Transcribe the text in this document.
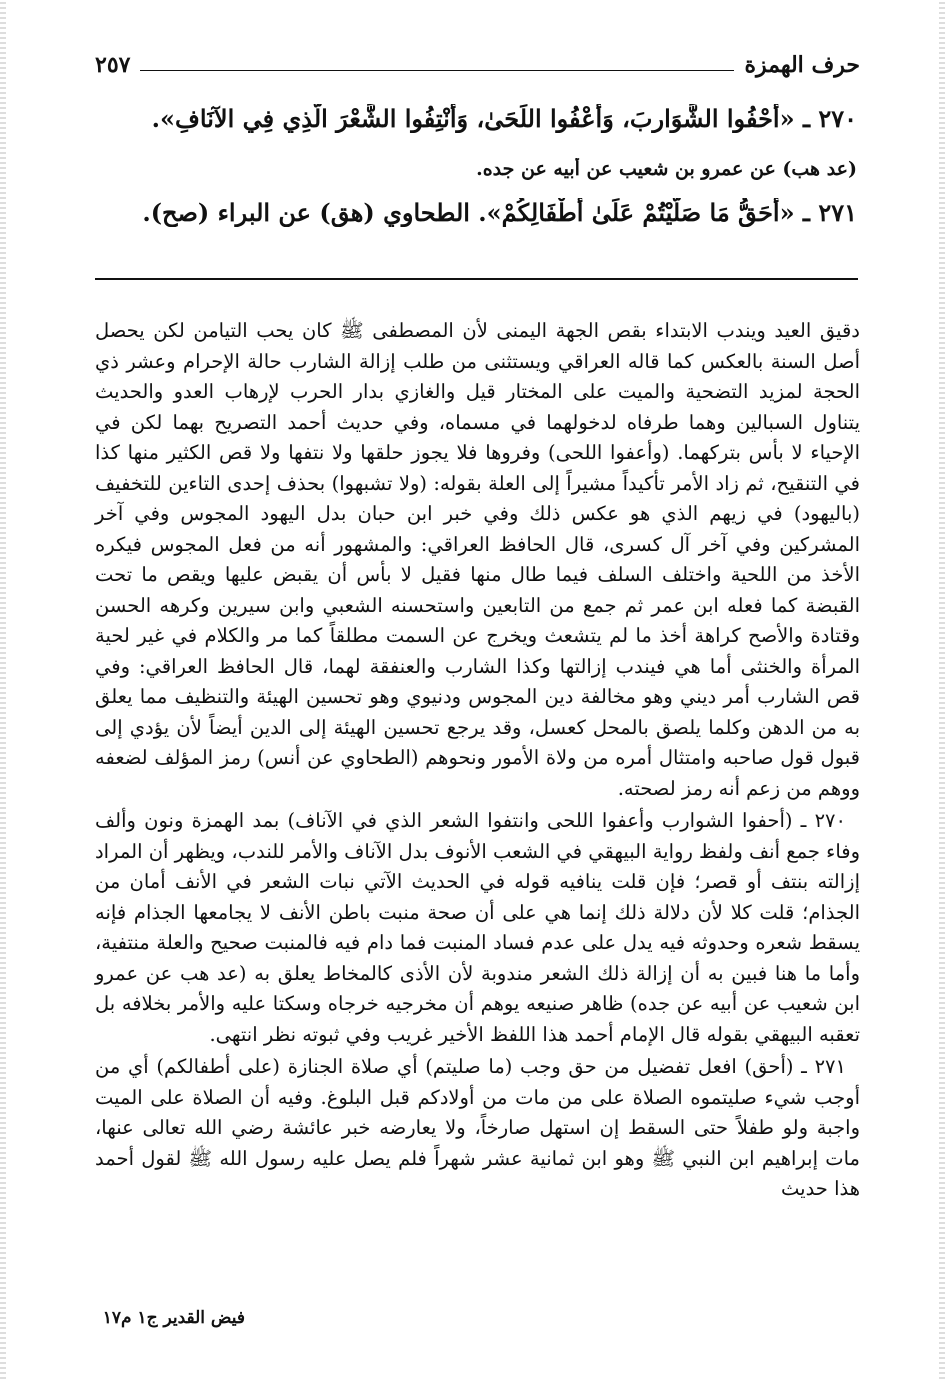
حرف الهمزة
٢٥٧
٢٧٠ ـ «أَحْفُوا الشَّوَارِبَ، وَأَعْفُوا اللِّحَىٰ، وَأَنْتِفُوا الشَّعْرَ الَّذِي فِي الآنَافِ».
(عد هب) عن عمرو بن شعيب عن أبيه عن جده.
٢٧١ ـ «أَحَقُّ مَا صَلَّيْتُمْ عَلَىٰ أَطْفَالِكُمْ». الطحاوي (هق) عن البراء (صح).

دقيق العيد ويندب الابتداء بقص الجهة اليمنى لأن المصطفى ﷺ كان يحب التيامن لكن يحصل أصل السنة بالعكس كما قاله العراقي ويستثنى من طلب إزالة الشارب حالة الإحرام وعشر ذي الحجة لمزيد التضحية والميت على المختار قيل والغازي بدار الحرب لإرهاب العدو والحديث يتناول السبالين وهما طرفاه لدخولهما في مسماه، وفي حديث أحمد التصريح بهما لكن في الإحياء لا بأس بتركهما. (وأعفوا اللحى) وفروها فلا يجوز حلقها ولا نتفها ولا قص الكثير منها كذا في التنقيح، ثم زاد الأمر تأكيداً مشيراً إلى العلة بقوله: (ولا تشبهوا) بحذف إحدى التاءين للتخفيف (باليهود) في زيهم الذي هو عكس ذلك وفي خبر ابن حبان بدل اليهود المجوس وفي آخر المشركين وفي آخر آل كسرى، قال الحافظ العراقي: والمشهور أنه من فعل المجوس فيكره الأخذ من اللحية واختلف السلف فيما طال منها فقيل لا بأس أن يقبض عليها ويقص ما تحت القبضة كما فعله ابن عمر ثم جمع من التابعين واستحسنه الشعبي وابن سيرين وكرهه الحسن وقتادة والأصح كراهة أخذ ما لم يتشعث ويخرج عن السمت مطلقاً كما مر والكلام في غير لحية المرأة والخنثى أما هي فيندب إزالتها وكذا الشارب والعنفقة لهما، قال الحافظ العراقي: وفي قص الشارب أمر ديني وهو مخالفة دين المجوس ودنيوي وهو تحسين الهيئة والتنظيف مما يعلق به من الدهن وكلما يلصق بالمحل كعسل، وقد يرجع تحسين الهيئة إلى الدين أيضاً لأن يؤدي إلى قبول قول صاحبه وامتثال أمره من ولاة الأمور ونحوهم (الطحاوي عن أنس) رمز المؤلف لضعفه ووهم من زعم أنه رمز لصحته.

٢٧٠ ـ (أحفوا الشوارب وأعفوا اللحى وانتفوا الشعر الذي في الآناف) بمد الهمزة ونون وألف وفاء جمع أنف ولفظ رواية البيهقي في الشعب الأنوف بدل الآناف والأمر للندب، ويظهر أن المراد إزالته بنتف أو قصر؛ فإن قلت ينافيه قوله في الحديث الآتي نبات الشعر في الأنف أمان من الجذام؛ قلت كلا لأن دلالة ذلك إنما هي على أن صحة منبت باطن الأنف لا يجامعها الجذام فإنه يسقط شعره وحدوثه فيه يدل على عدم فساد المنبت فما دام فيه فالمنبت صحيح والعلة منتفية، وأما ما هنا فبين به أن إزالة ذلك الشعر مندوبة لأن الأذى كالمخاط يعلق به (عد هب عن عمرو ابن شعيب عن أبيه عن جده) ظاهر صنيعه يوهم أن مخرجيه خرجاه وسكتا عليه والأمر بخلافه بل تعقبه البيهقي بقوله قال الإمام أحمد هذا اللفظ الأخير غريب وفي ثبوته نظر انتهى.

٢٧١ ـ (أحق) افعل تفضيل من حق وجب (ما صليتم) أي صلاة الجنازة (على أطفالكم) أي من أوجب شيء صليتموه الصلاة على من مات من أولادكم قبل البلوغ. وفيه أن الصلاة على الميت واجبة ولو طفلاً حتى السقط إن استهل صارخاً، ولا يعارضه خبر عائشة رضي الله تعالى عنها، مات إبراهيم ابن النبي ﷺ وهو ابن ثمانية عشر شهراً فلم يصل عليه رسول الله ﷺ لقول أحمد هذا حديث

فيض القدير ج١ م١٧
